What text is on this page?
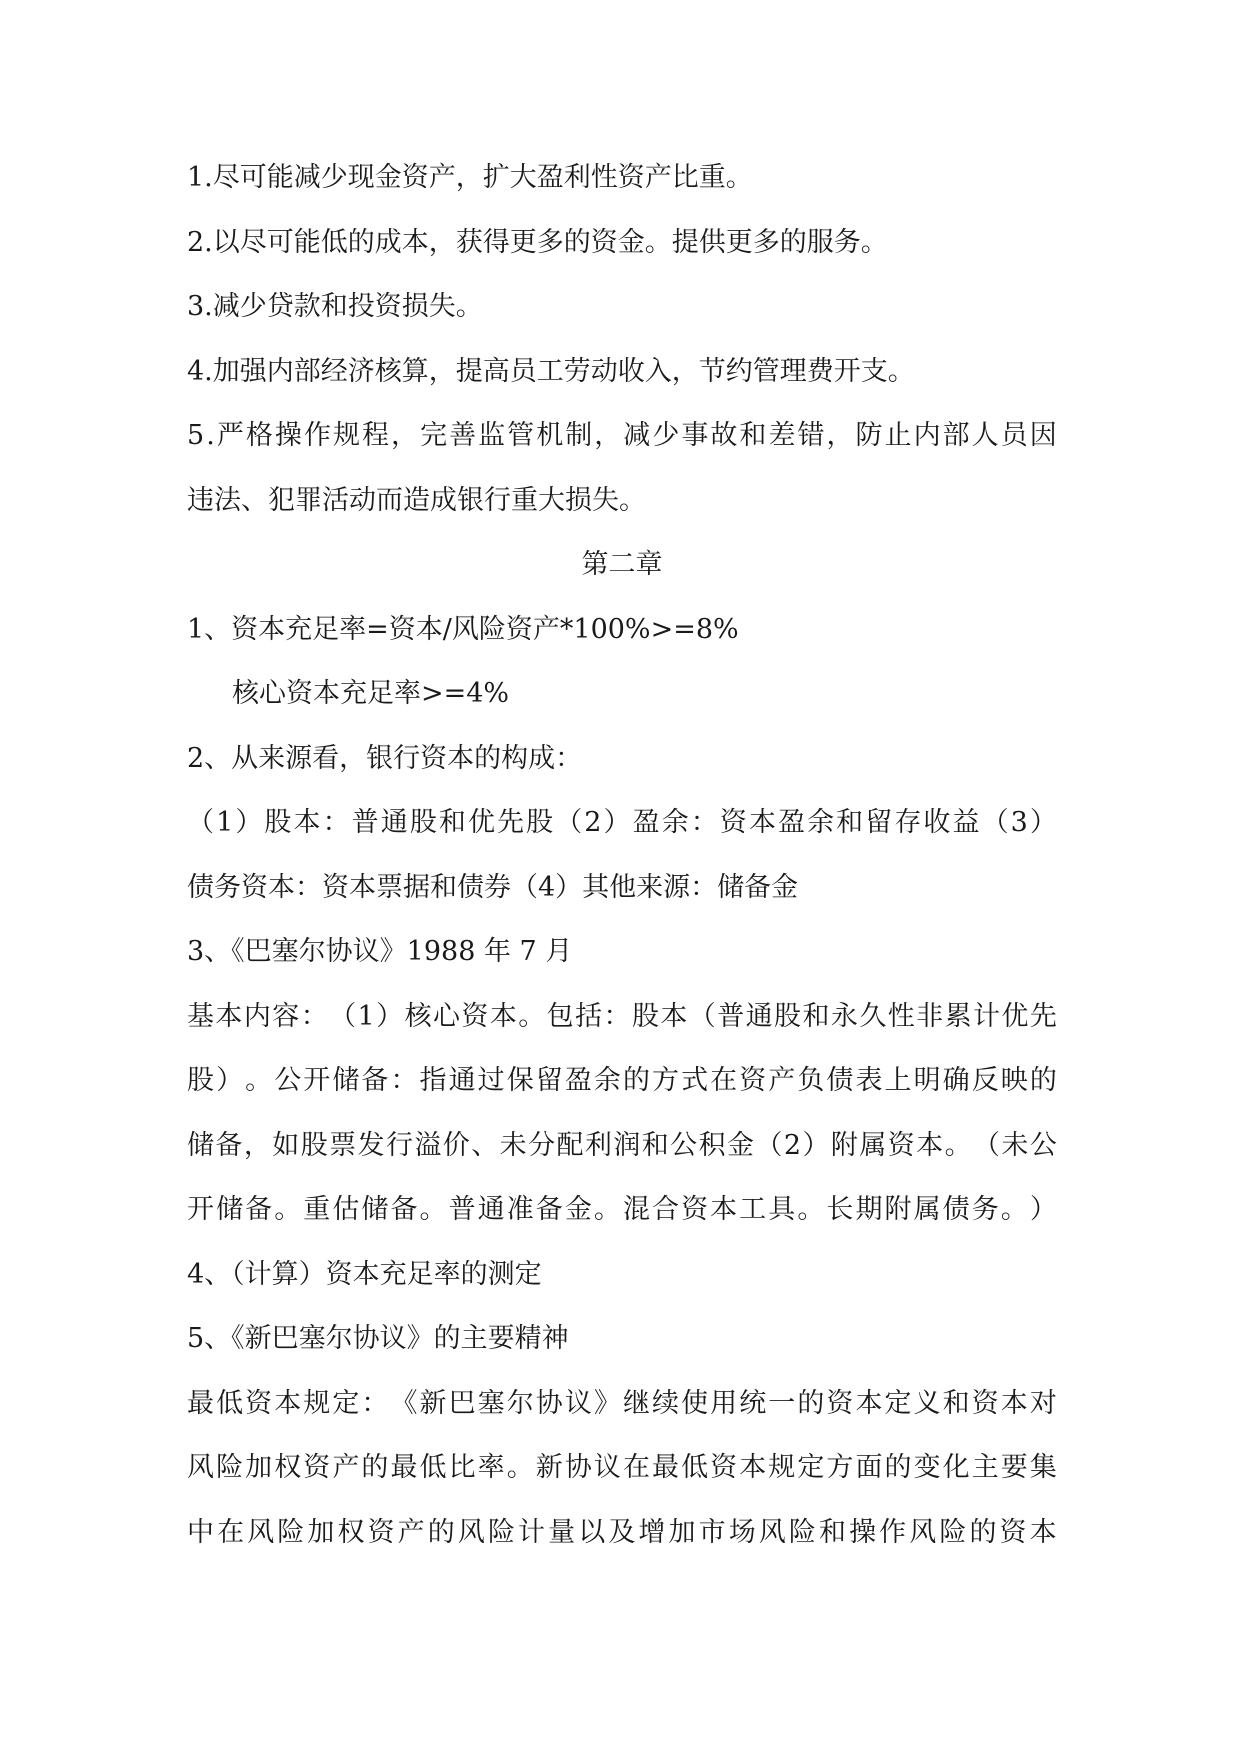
1.尽可能减少现金资产，扩大盈利性资产比重。
2.以尽可能低的成本，获得更多的资金。提供更多的服务。
3.减少贷款和投资损失。
4.加强内部经济核算，提高员工劳动收入，节约管理费开支。
5 . 严 格 操 作 规 程 ， 完 善 监 管 机 制 ， 减 少 事 故 和 差 错 ， 防 止 内 部 人 员 因
违法、犯罪活动而造成银行重大损失。
第二章
1、资本充足率=资本/风险资产*100%>=8%
核心资本充足率>=4%
2、从来源看，银行资本的构成：
（ 1 ） 股 本 ： 普 通 股 和 优 先 股 （ 2 ） 盈 余 ： 资 本 盈 余 和 留 存 收 益 （ 3 ）
债务资本：资本票据和债券（4）其他来源：储备金
3、《巴塞尔协议》1988 年 7 月
基 本 内 容 ： （ 1 ） 核 心 资 本 。 包 括 ： 股 本 （ 普 通 股 和 永 久 性 非 累 计 优 先
股 ） 。 公 开 储 备 ： 指 通 过 保 留 盈 余 的 方 式 在 资 产 负 债 表 上 明 确 反 映 的
储 备 ， 如 股 票 发 行 溢 价 、 未 分 配 利 润 和 公 积 金 （ 2 ） 附 属 资 本 。 （ 未 公
开 储 备 。 重 估 储 备 。 普 通 准 备 金 。 混 合 资 本 工 具 。 长 期 附 属 债 务 。 ）
4、（计算）资本充足率的测定
5、《新巴塞尔协议》的主要精神
最 低 资 本 规 定 ： 《 新 巴 塞 尔 协 议 》 继 续 使 用 统 一 的 资 本 定 义 和 资 本 对
风 险 加 权 资 产 的 最 低 比 率 。 新 协 议 在 最 低 资 本 规 定 方 面 的 变 化 主 要 集
中 在 风 险 加 权 资 产 的 风 险 计 量 以 及 增 加 市 场 风 险 和 操 作 风 险 的 资 本
